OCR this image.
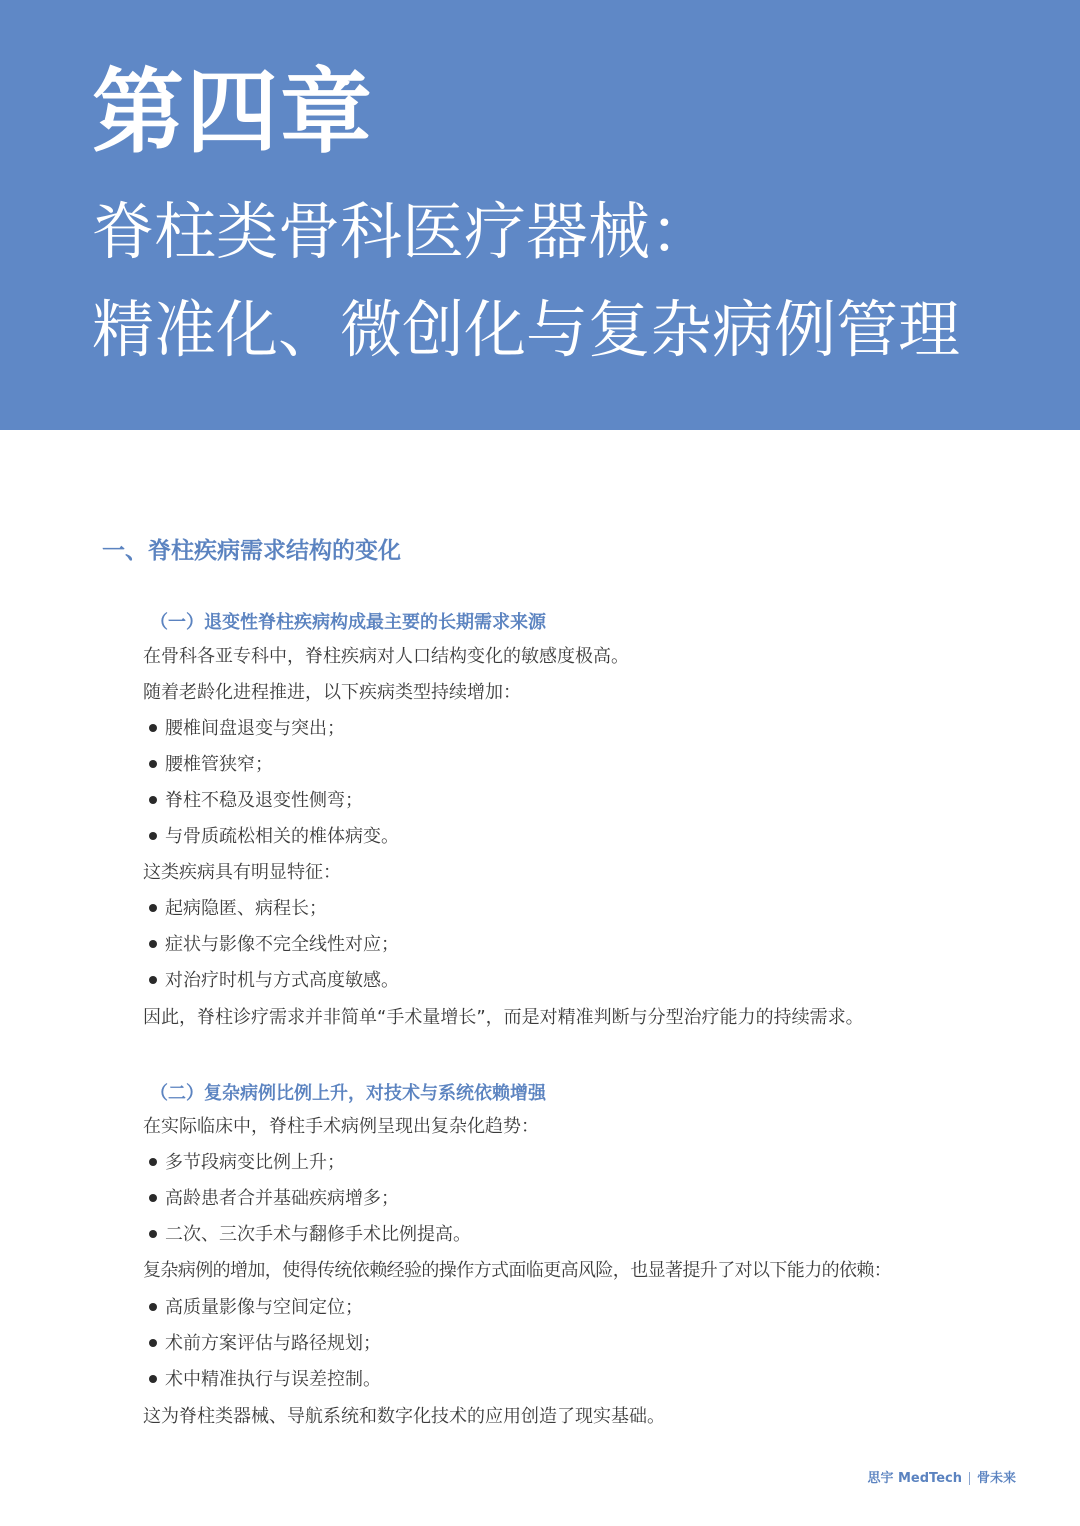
第四章
脊柱类骨科医疗器械：
精准化、微创化与复杂病例管理
一、脊柱疾病需求结构的变化
（一）退变性脊柱疾病构成最主要的长期需求来源
在骨科各亚专科中，脊柱疾病对人口结构变化的敏感度极高。
随着老龄化进程推进，以下疾病类型持续增加：
腰椎间盘退变与突出；
腰椎管狭窄；
脊柱不稳及退变性侧弯；
与骨质疏松相关的椎体病变。
这类疾病具有明显特征：
起病隐匿、病程长；
症状与影像不完全线性对应；
对治疗时机与方式高度敏感。
因此，脊柱诊疗需求并非简单“手术量增长”，而是对精准判断与分型治疗能力的持续需求。
（二）复杂病例比例上升，对技术与系统依赖增强
在实际临床中，脊柱手术病例呈现出复杂化趋势：
多节段病变比例上升；
高龄患者合并基础疾病增多；
二次、三次手术与翻修手术比例提高。
复杂病例的增加，使得传统依赖经验的操作方式面临更高风险，也显著提升了对以下能力的依赖：
高质量影像与空间定位；
术前方案评估与路径规划；
术中精准执行与误差控制。
这为脊柱类器械、导航系统和数字化技术的应用创造了现实基础。
思宇 MedTech 骨未来
